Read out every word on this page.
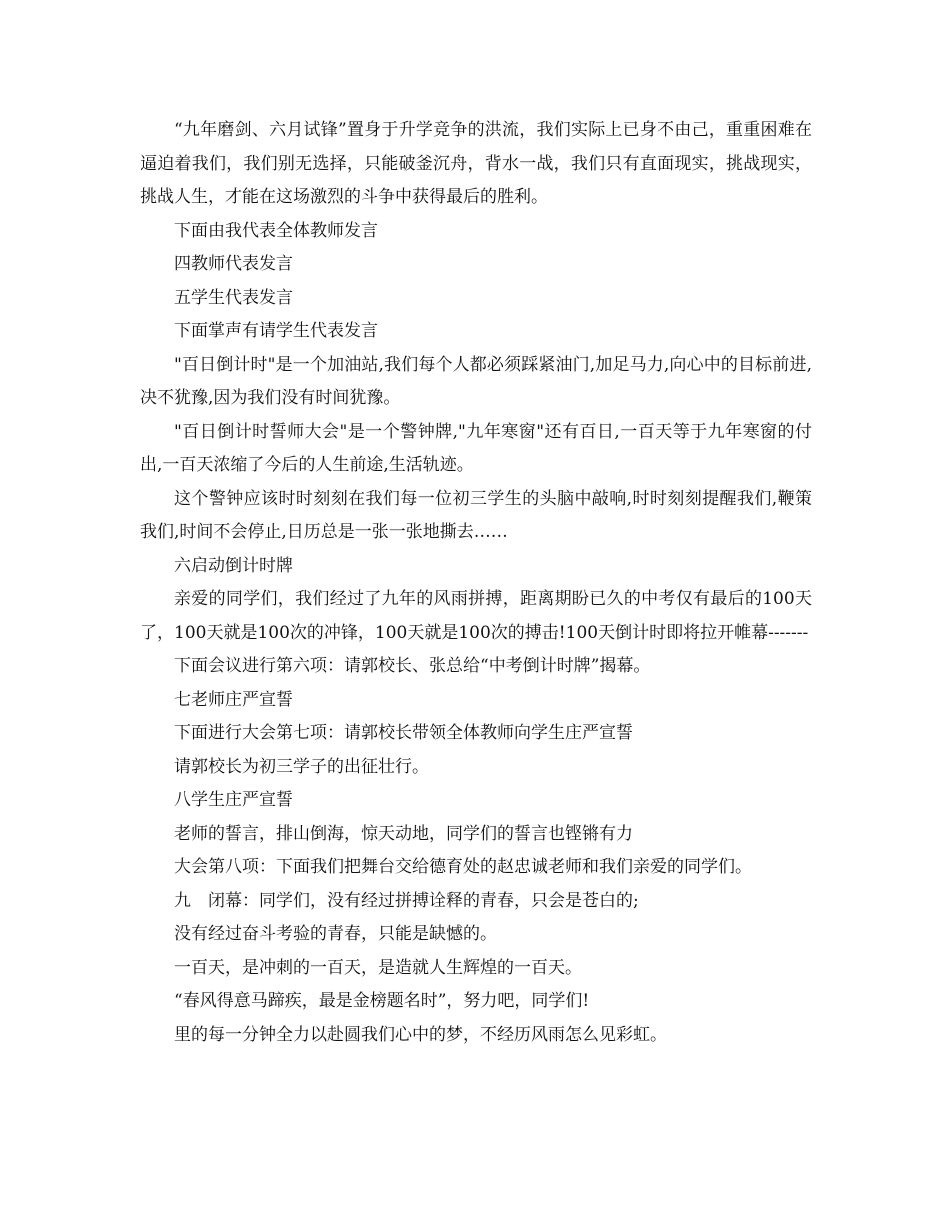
“九年磨剑、六月试锋”置身于升学竞争的洪流，我们实际上已身不由己，重重困难在逼迫着我们，我们别无选择，只能破釜沉舟，背水一战，我们只有直面现实，挑战现实，挑战人生，才能在这场激烈的斗争中获得最后的胜利。

下面由我代表全体教师发言

四教师代表发言

五学生代表发言

下面掌声有请学生代表发言

"百日倒计时"是一个加油站,我们每个人都必须踩紧油门,加足马力,向心中的目标前进,决不犹豫,因为我们没有时间犹豫。

"百日倒计时誓师大会"是一个警钟牌,"九年寒窗"还有百日,一百天等于九年寒窗的付出,一百天浓缩了今后的人生前途,生活轨迹。

这个警钟应该时时刻刻在我们每一位初三学生的头脑中敲响,时时刻刻提醒我们,鞭策我们,时间不会停止,日历总是一张一张地撕去……

六启动倒计时牌

亲爱的同学们，我们经过了九年的风雨拼搏，距离期盼已久的中考仅有最后的100天了，100天就是100次的冲锋，100天就是100次的搏击!100天倒计时即将拉开帷幕-------

下面会议进行第六项：请郭校长、张总给“中考倒计时牌”揭幕。

七老师庄严宣誓

下面进行大会第七项：请郭校长带领全体教师向学生庄严宣誓

请郭校长为初三学子的出征壮行。

八学生庄严宣誓

老师的誓言，排山倒海，惊天动地，同学们的誓言也铿锵有力

大会第八项：下面我们把舞台交给德育处的赵忠诚老师和我们亲爱的同学们。

九　闭幕：同学们，没有经过拼搏诠释的青春，只会是苍白的;

没有经过奋斗考验的青春，只能是缺憾的。

一百天，是冲刺的一百天，是造就人生辉煌的一百天。

“春风得意马蹄疾，最是金榜题名时”，努力吧，同学们!

里的每一分钟全力以赴圆我们心中的梦，不经历风雨怎么见彩虹。
